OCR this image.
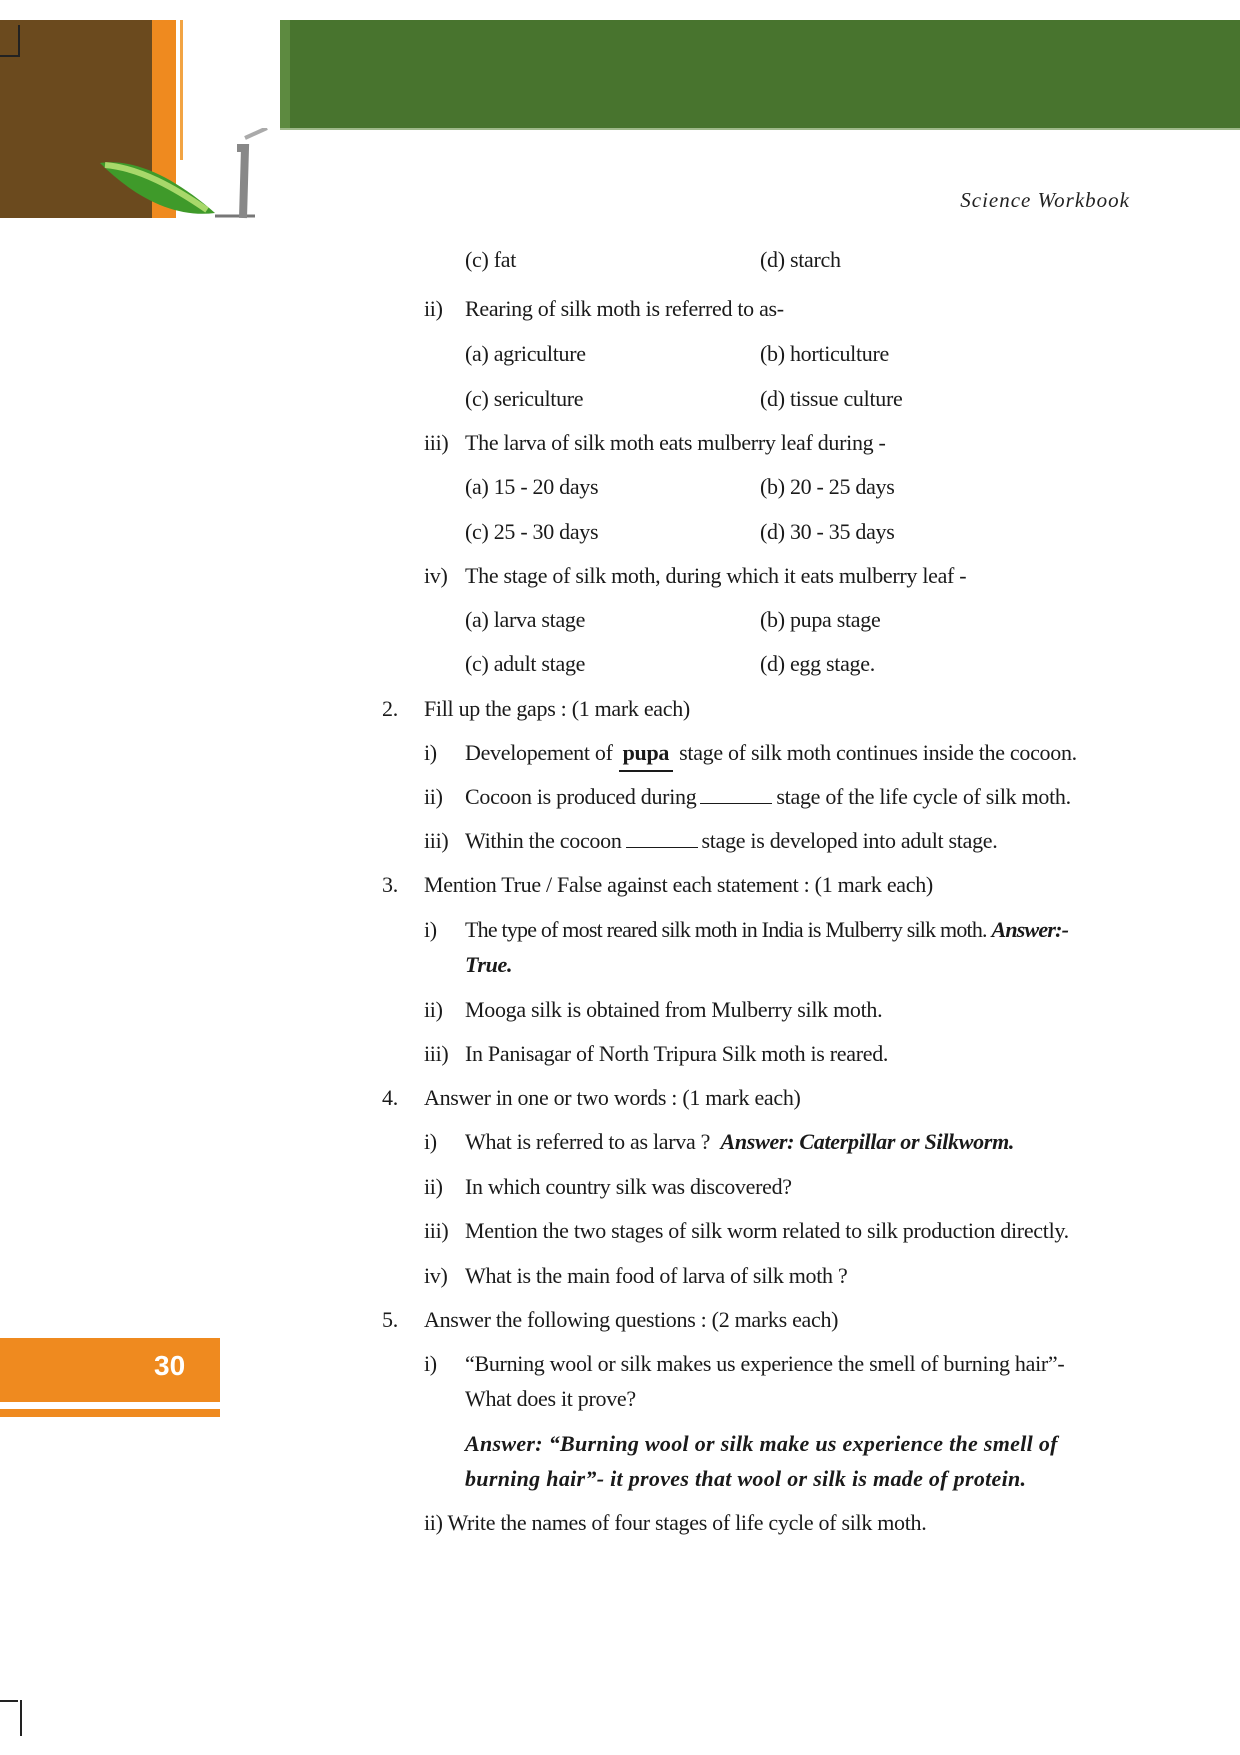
Science Workbook
30
(c) fat	(d) starch
ii) Rearing of silk moth is referred to as-
(a) agriculture	(b) horticulture
(c) sericulture	(d) tissue culture
iii) The larva of silk moth eats mulberry leaf during -
(a) 15 - 20 days	(b) 20 - 25 days
(c) 25 - 30 days	(d) 30 - 35 days
iv) The stage of silk moth, during which it eats mulberry leaf -
(a) larva stage	(b) pupa stage
(c) adult stage	(d) egg stage.
2. Fill up the gaps : (1 mark each)
i) Developement of pupa stage of silk moth continues inside the cocoon.
ii) Cocoon is produced during	stage of the life cycle of silk moth.
iii) Within the cocoon	stage is developed into adult stage.
3. Mention True / False against each statement : (1 mark each)
i) The type of most reared silk moth in India is Mulberry silk moth. Answer:-
True.
ii) Mooga silk is obtained from Mulberry silk moth.
iii) In Panisagar of North Tripura Silk moth is reared.
4. Answer in one or two words : (1 mark each)
i) What is referred to as larva ? Answer: Caterpillar or Silkworm.
ii) In which country silk was discovered?
iii) Mention the two stages of silk worm related to silk production directly.
iv) What is the main food of larva of silk moth ?
5. Answer the following questions : (2 marks each)
i) “Burning wool or silk makes us experience the smell of burning hair”-
What does it prove?
Answer: “Burning wool or silk make us experience the smell of
burning hair”- it proves that wool or silk is made of protein.
ii) Write the names of four stages of life cycle of silk moth.
